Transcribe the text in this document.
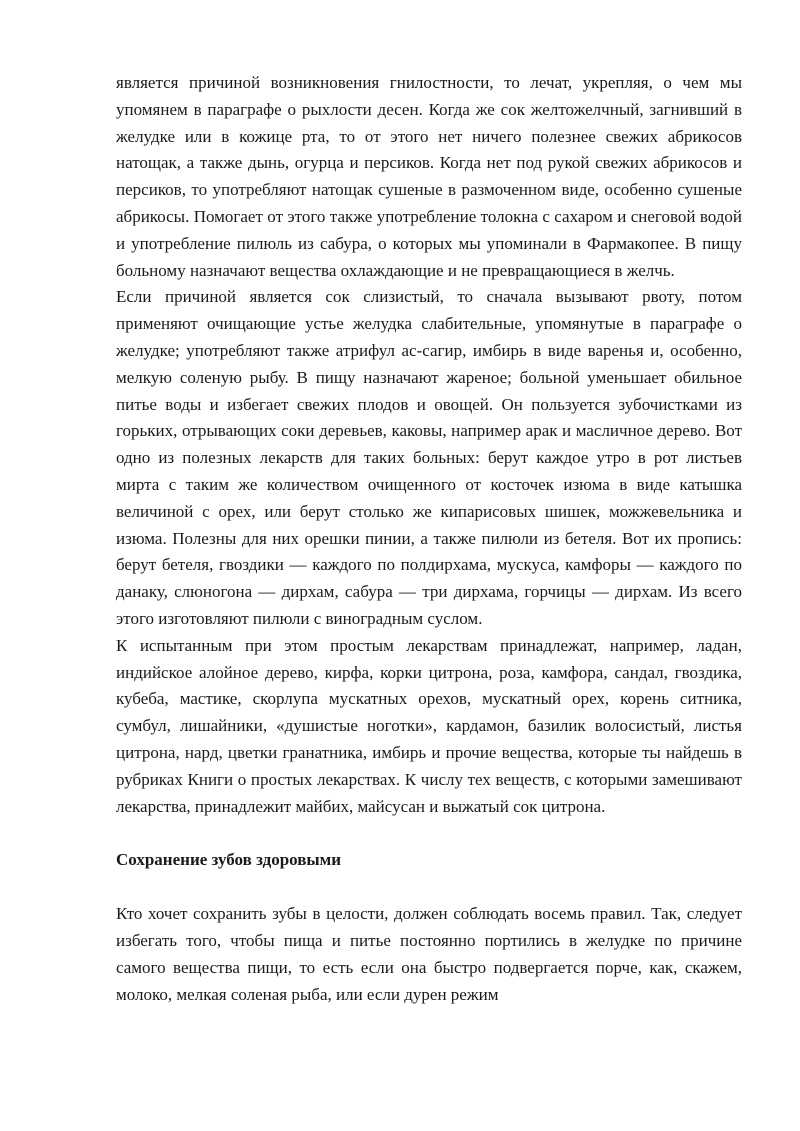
является причиной возникновения гнилостности, то лечат, укрепляя, о чем мы упомянем в параграфе о рыхлости десен. Когда же сок желтожелчный, загнивший в желудке или в кожице рта, то от этого нет ничего полезнее свежих абрикосов натощак, а также дынь, огурца и персиков. Когда нет под рукой свежих абрикосов и персиков, то употребляют натощак сушеные в размоченном виде, особенно сушеные абрикосы. Помогает от этого также употребление толокна с сахаром и снеговой водой и употребление пилюль из сабура, о которых мы упоминали в Фармакопее. В пищу больному назначают вещества охлаждающие и не превращающиеся в желчь.

Если причиной является сок слизистый, то сначала вызывают рвоту, потом применяют очищающие устье желудка слабительные, упомянутые в параграфе о желудке; употребляют также атрифул ас-сагир, имбирь в виде варенья и, особенно, мелкую соленую рыбу. В пищу назначают жареное; больной уменьшает обильное питье воды и избегает свежих плодов и овощей. Он пользуется зубочистками из горьких, отрывающих соки деревьев, каковы, например арак и масличное дерево. Вот одно из полезных лекарств для таких больных: берут каждое утро в рот листьев мирта с таким же количеством очищенного от косточек изюма в виде катышка величиной с орех, или берут столько же кипарисовых шишек, можжевельника и изюма. Полезны для них орешки пинии, а также пилюли из бетеля. Вот их пропись: берут бетеля, гвоздики — каждого по полдирхама, мускуса, камфоры — каждого по данаку, слюногона — дирхам, сабура — три дирхама, горчицы — дирхам. Из всего этого изготовляют пилюли с виноградным суслом.

К испытанным при этом простым лекарствам принадлежат, например, ладан, индийское алойное дерево, кирфа, корки цитрона, роза, камфора, сандал, гвоздика, кубеба, мастике, скорлупа мускатных орехов, мускатный орех, корень ситника, сумбул, лишайники, «душистые ноготки», кардамон, базилик волосистый, листья цитрона, нард, цветки гранатника, имбирь и прочие вещества, которые ты найдешь в рубриках Книги о простых лекарствах. К числу тех веществ, с которыми замешивают лекарства, принадлежит майбих, майсусан и выжатый сок цитрона.

Сохранение зубов здоровыми

Кто хочет сохранить зубы в целости, должен соблюдать восемь правил. Так, следует избегать того, чтобы пища и питье постоянно портились в желудке по причине самого вещества пищи, то есть если она быстро подвергается порче, как, скажем, молоко, мелкая соленая рыба, или если дурен режим
